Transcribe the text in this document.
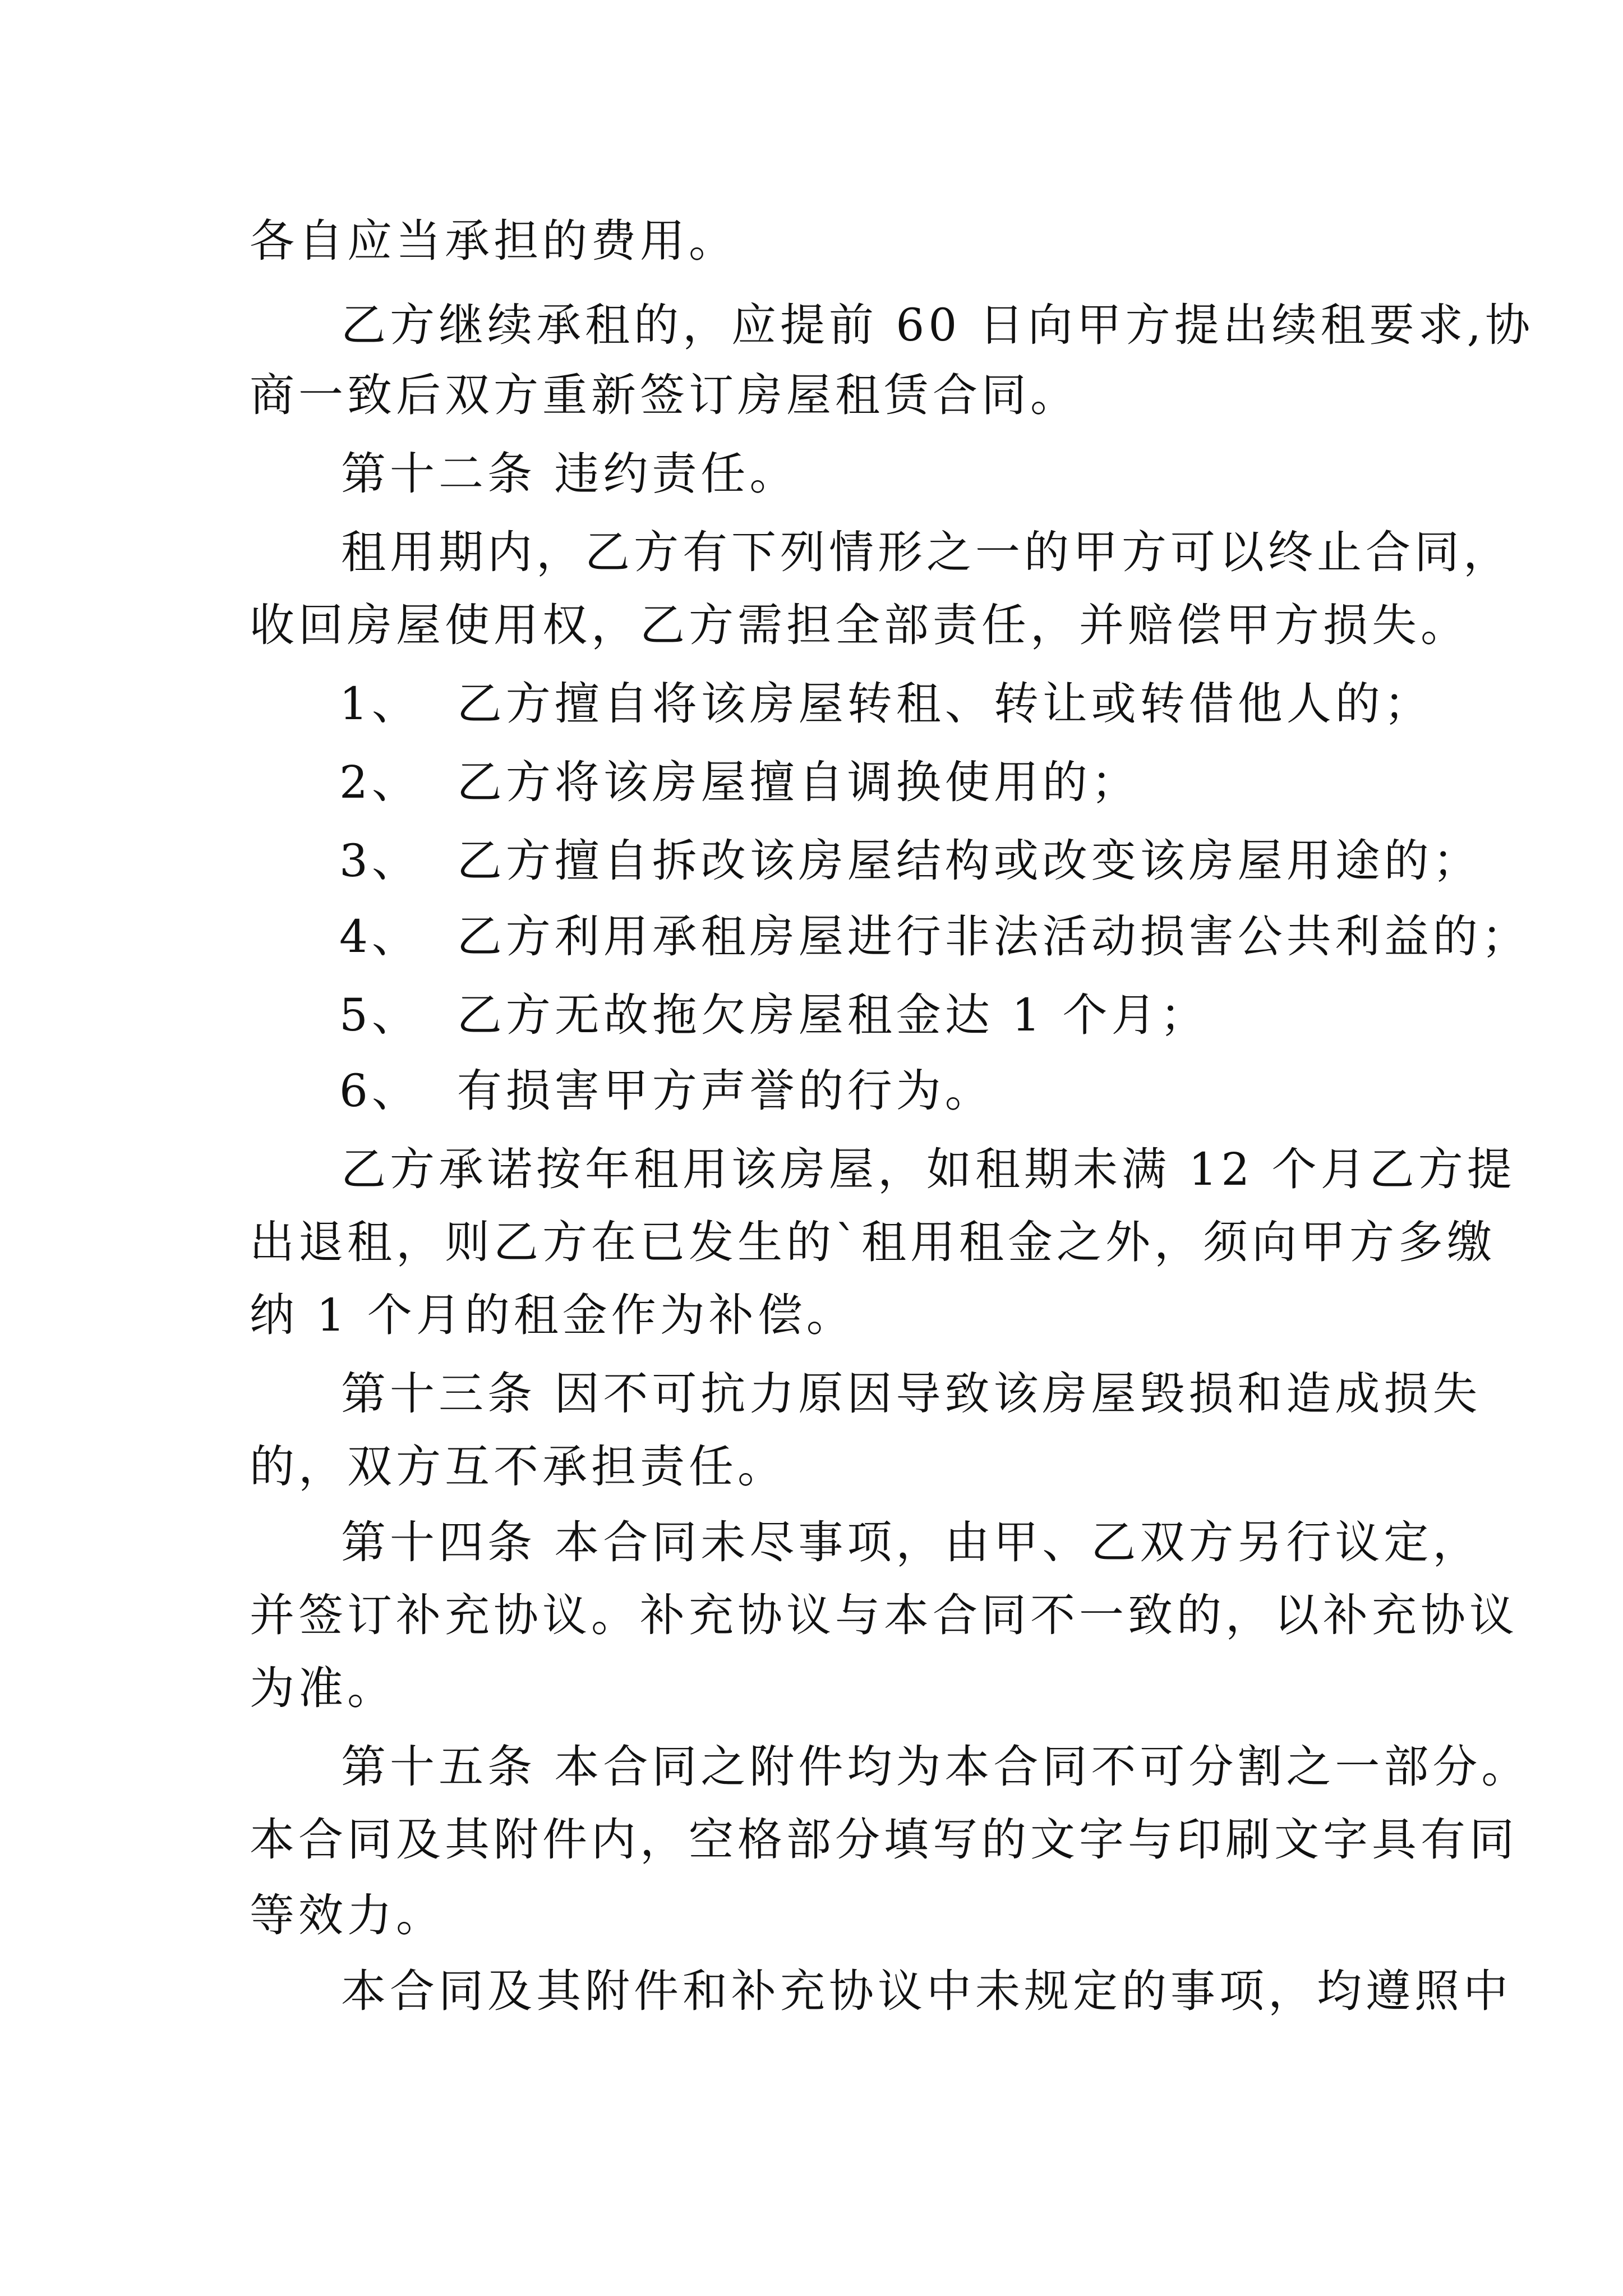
各自应当承担的费用。
乙方继续承租的，应提前 60 日向甲方提出续租要求,协
商一致后双方重新签订房屋租赁合同。
第十二条 违约责任。
租用期内，乙方有下列情形之一的甲方可以终止合同，
收回房屋使用权，乙方需担全部责任，并赔偿甲方损失。
1、  乙方擅自将该房屋转租、转让或转借他人的；
2、  乙方将该房屋擅自调换使用的；
3、  乙方擅自拆改该房屋结构或改变该房屋用途的；
4、  乙方利用承租房屋进行非法活动损害公共利益的；
5、  乙方无故拖欠房屋租金达 1 个月；
6、  有损害甲方声誉的行为。
乙方承诺按年租用该房屋，如租期未满 12 个月乙方提
出退租，则乙方在已发生的`租用租金之外，须向甲方多缴
纳 1 个月的租金作为补偿。
第十三条 因不可抗力原因导致该房屋毁损和造成损失
的，双方互不承担责任。
第十四条 本合同未尽事项，由甲、乙双方另行议定，
并签订补充协议。补充协议与本合同不一致的，以补充协议
为准。
第十五条 本合同之附件均为本合同不可分割之一部分。
本合同及其附件内，空格部分填写的文字与印刷文字具有同
等效力。
本合同及其附件和补充协议中未规定的事项，均遵照中
